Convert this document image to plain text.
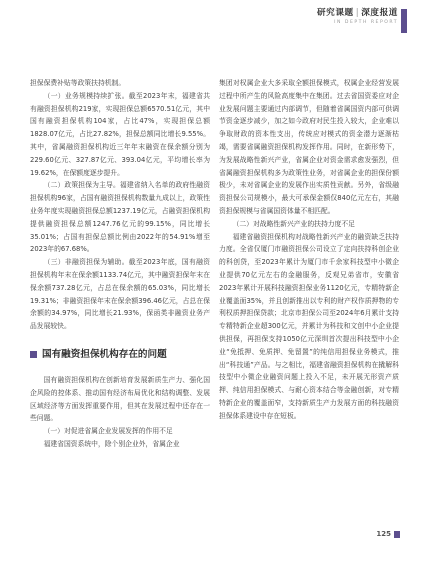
研究课题 | 深度报道
IN DEPTH REPORT

担保保费补贴等政策扶持机制。

（一）业务规模持续扩张。截至2023年末，福建省共有融资担保机构219家，实现担保总额6570.51亿元，其中国有融资担保机构104家，占比47%，实现担保总额1828.07亿元，占比27.82%，担保总额同比增长9.55%。其中，省属融资担保机构近三年年末融资在保余额分别为229.60亿元、327.87亿元、393.04亿元，平均增长率为19.62%，在保额度逐步提升。

（二）政策担保为主导。福建省纳入名单的政府性融资担保机构96家，占国有融资担保机构数量九成以上，政策性业务年度实现融资担保总额1237.19亿元，占融资担保机构提供融资担保总额1247.76亿元的99.15%，同比增长35.01%；占国有担保总额比例由2022年的54.91%增至2023年的67.68%。

（三）非融资担保为辅助。截至2023年底，国有融资担保机构年末在保余额1133.74亿元，其中融资担保年末在保余额737.28亿元，占总在保余额的65.03%，同比增长19.31%；非融资担保年末在保余额396.46亿元，占总在保余额的34.97%，同比增长21.93%，保函类非融资业务产品发展较快。

国有融资担保机构存在的问题

国有融资担保机构在创新培育发展新质生产力、强化国企风险的控体系、推动国有经济布局优化和结构调整、发展区域经济等方面发挥重要作用，但其在发展过程中还存在一些问题。

（一）对促进省属企业发展发挥的作用不足

福建省国资系统中，除个别企业外，省属企业

集团对权属企业大多采取全额担保模式，权属企业经营发展过程中所产生的风险高度集中在集团。过去省国资委应对企业发展问题主要通过内部调节，但随着省属国资内部可供调节资金逐步减少，加之如今政府对民生投入较大，企业难以争取财政的资本性支出，传统应对模式的资金潜力逐渐枯竭，需要省属融资担保机构发挥作用。同时，在新形势下，为发展战略性新兴产业，省属企业对资金需求愈发强烈，但省属融资担保机构多为政策性业务，对省属企业的担保份额极少，未对省属企业的发展作出实质性贡献。另外，省级融资担保公司规模小，最大可承保金额仅840亿元左右，其融资担保规模与省属国资体量不相匹配。

（二）对战略性新兴产业的扶持力度不足

福建省融资担保机构对战略性新兴产业的融资缺乏扶持力度。全省仅厦门市融资担保公司设立了定向扶持科创企业的科创贷，至2023年累计为厦门市千余家科技型中小微企业提供70亿元左右的金融服务，反观兄弟省市，安徽省2023年累计开展科技融资担保业务1120亿元，专精特新企业覆盖面35%，并且创新推出以专利的财产权作质押物的专利权质押担保贷款；北京市担保公司至2024年6月累计支持专精特新企业超300亿元，并累计为科技和文创中小企业提供担保，再担保支持1050亿元深圳首次提出科技型中小企业“免抵押、免质押、免留置”的纯信用担保业务模式，推出“科技通”产品。与之相比，福建省融资担保机构在撬解科技型中小微企业融资问题上投入不足，未开展无形资产质押、纯信用担保模式、与耐心资本结合等金融创新，对专精特新企业的覆盖面窄，支持新质生产力发展方面的科技融资担保体系建设中存在短板。

125
